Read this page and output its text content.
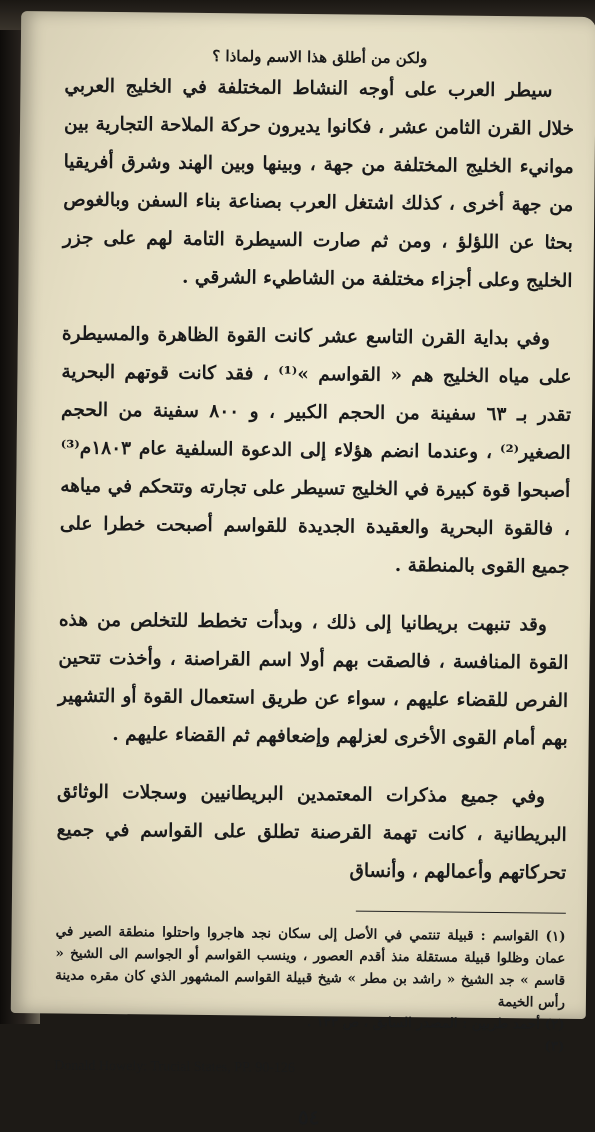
ولكن من أطلق هذا الاسم ولماذا ؟

سيطر العرب على أوجه النشاط المختلفة في الخليج العربي خلال القرن الثامن عشر ، فكانوا يديرون حركة الملاحة التجارية بين موانيء الخليج المختلفة من جهة ، وبينها وبين الهند وشرق أفريقيا من جهة أخرى ، كذلك اشتغل العرب بصناعة بناء السفن وبالغوص بحثا عن اللؤلؤ ، ومن ثم صارت السيطرة التامة لهم على جزر الخليج وعلى أجزاء مختلفة من الشاطيء الشرقي .

وفي بداية القرن التاسع عشر كانت القوة الظاهرة والمسيطرة على مياه الخليج هم « القواسم »⁽¹⁾ ، فقد كانت قوتهم البحرية تقدر بـ ٦٣ سفينة من الحجم الكبير ، و ٨٠٠ سفينة من الحجم الصغير⁽²⁾ ، وعندما انضم هؤلاء إلى الدعوة السلفية عام ١٨٠٣م⁽³⁾ أصبحوا قوة كبيرة في الخليج تسيطر على تجارته وتتحكم في مياهه ، فالقوة البحرية والعقيدة الجديدة للقواسم أصبحت خطرا على جميع القوى بالمنطقة .

وقد تنبهت بريطانيا إلى ذلك ، وبدأت تخطط للتخلص من هذه القوة المنافسة ، فالصقت بهم أولا اسم القراصنة ، وأخذت تتحين الفرص للقضاء عليهم ، سواء عن طريق استعمال القوة أو التشهير بهم أمام القوى الأخرى لعزلهم وإضعافهم ثم القضاء عليهم .

وفي جميع مذكرات المعتمدين البريطانيين وسجلات الوثائق البريطانية ، كانت تهمة القرصنة تطلق على القواسم في جميع تحركاتهم وأعمالهم ، وأنساق

(١) القواسم : قبيلة تنتمي في الأصل إلى سكان نجد هاجروا واحتلوا منطقة الصير في عمان وظلوا قبيلة مستقلة منذ أقدم العصور ، وينسب القواسم أو الجواسم الى الشيخ « قاسم » جد الشيخ « راشد بن مطر » شيخ قبيلة القواسم المشهور الذي كان مقره مدينة رأس الخيمة

(٢) أحمد طربين : المصدر السابق ، ص ١٣٣ .

(٣)

Donald Howely: Trucial States, PP. 90-126

٥٤
